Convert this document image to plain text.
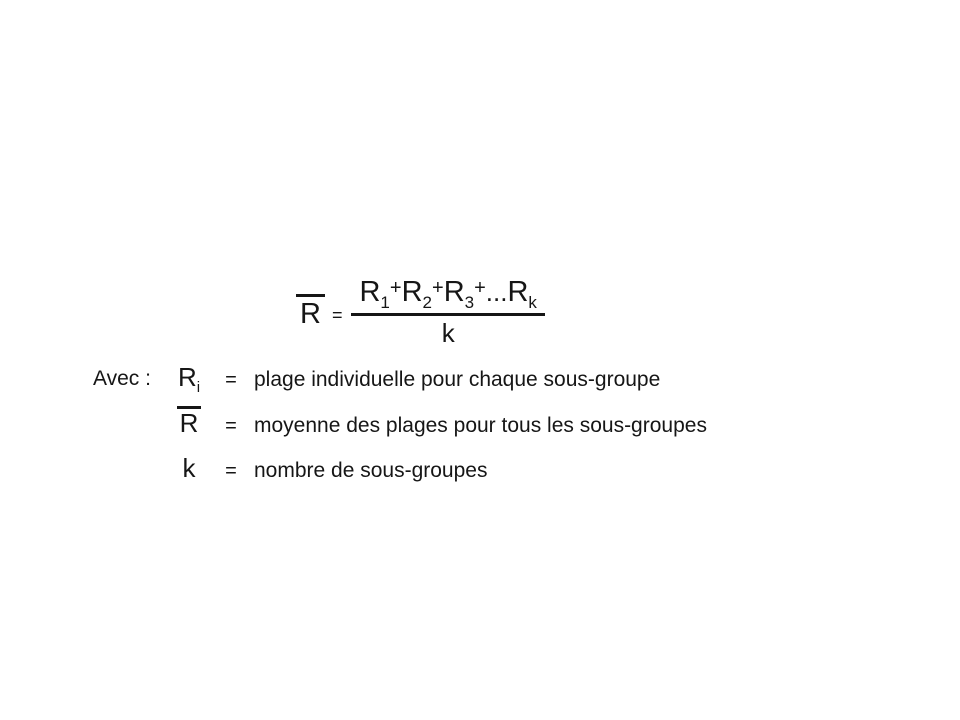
$R = \frac{R_1^+R_2^+R_3^+...R_k}{k}$
Avec :	$R_i$	= plage individuelle pour chaque sous-groupe
R	= moyenne des plages pour tous les sous-groupes
k	= nombre de sous-groupes
